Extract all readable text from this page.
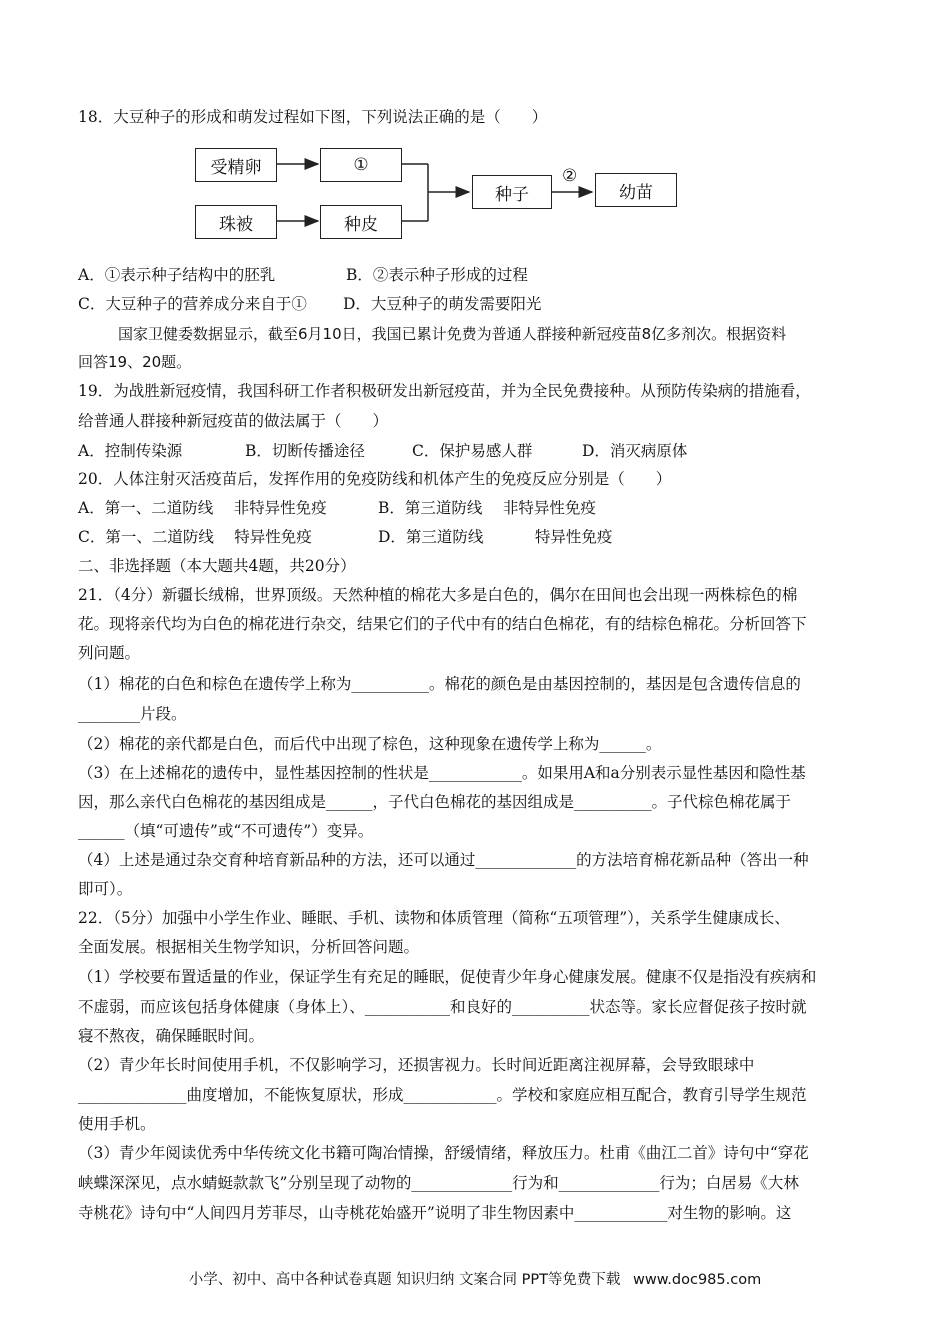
18．大豆种子的形成和萌发过程如下图，下列说法正确的是（　　）
受精卵	①
珠被	种皮
种子
②
幼苗
A．①表示种子结构中的胚乳	B．②表示种子形成的过程
C．大豆种子的营养成分来自于① D．大豆种子的萌发需要阳光
国家卫健委数据显示，截至6月10日，我国已累计免费为普通人群接种新冠疫苗8亿多剂次。根据资料
回答19、20题。
19．为战胜新冠疫情，我国科研工作者积极研发出新冠疫苗，并为全民免费接种。从预防传染病的措施看，
给普通人群接种新冠疫苗的做法属于（　　）
A．控制传染源	B．切断传播途径	C．保护易感人群	D．消灭病原体
20．人体注射灭活疫苗后，发挥作用的免疫防线和机体产生的免疫反应分别是（　　）
A．第一、二道防线　 非特异性免疫	B．第三道防线　 非特异性免疫
C．第一、二道防线　 特异性免疫	D．第三道防线　　　 特异性免疫
二、非选择题（本大题共4题，共20分）
21．（4分）新疆长绒棉，世界顶级。天然种植的棉花大多是白色的，偶尔在田间也会出现一两株棕色的棉
花。现将亲代均为白色的棉花进行杂交，结果它们的子代中有的结白色棉花，有的结棕色棉花。分析回答下
列问题。
（1）棉花的白色和棕色在遗传学上称为__________。棉花的颜色是由基因控制的，基因是包含遗传信息的
________片段。
（2）棉花的亲代都是白色，而后代中出现了棕色，这种现象在遗传学上称为______。
（3）在上述棉花的遗传中，显性基因控制的性状是____________。如果用A和a分别表示显性基因和隐性基
因，那么亲代白色棉花的基因组成是______，子代白色棉花的基因组成是__________。子代棕色棉花属于
______（填“可遗传”或“不可遗传”）变异。
（4）上述是通过杂交育种培育新品种的方法，还可以通过_____________的方法培育棉花新品种（答出一种
即可）。
22．（5分）加强中小学生作业、睡眠、手机、读物和体质管理（简称“五项管理”），关系学生健康成长、
全面发展。根据相关生物学知识，分析回答问题。
（1）学校要布置适量的作业，保证学生有充足的睡眠，促使青少年身心健康发展。健康不仅是指没有疾病和
不虚弱，而应该包括身体健康（身体上）、___________和良好的__________状态等。家长应督促孩子按时就
寝不熬夜，确保睡眠时间。
（2）青少年长时间使用手机，不仅影响学习，还损害视力。长时间近距离注视屏幕，会导致眼球中
______________曲度增加，不能恢复原状，形成____________。学校和家庭应相互配合，教育引导学生规范
使用手机。
（3）青少年阅读优秀中华传统文化书籍可陶冶情操，舒缓情绪，释放压力。杜甫《曲江二首》诗句中“穿花
峡蝶深深见，点水蜻蜓款款飞”分别呈现了动物的_____________行为和_____________行为；白居易《大林
寺桃花》诗句中“人间四月芳菲尽，山寺桃花始盛开”说明了非生物因素中____________对生物的影响。这
小学、初中、高中各种试卷真题 知识归纳 文案合同 PPT等免费下载 www.doc985.com
